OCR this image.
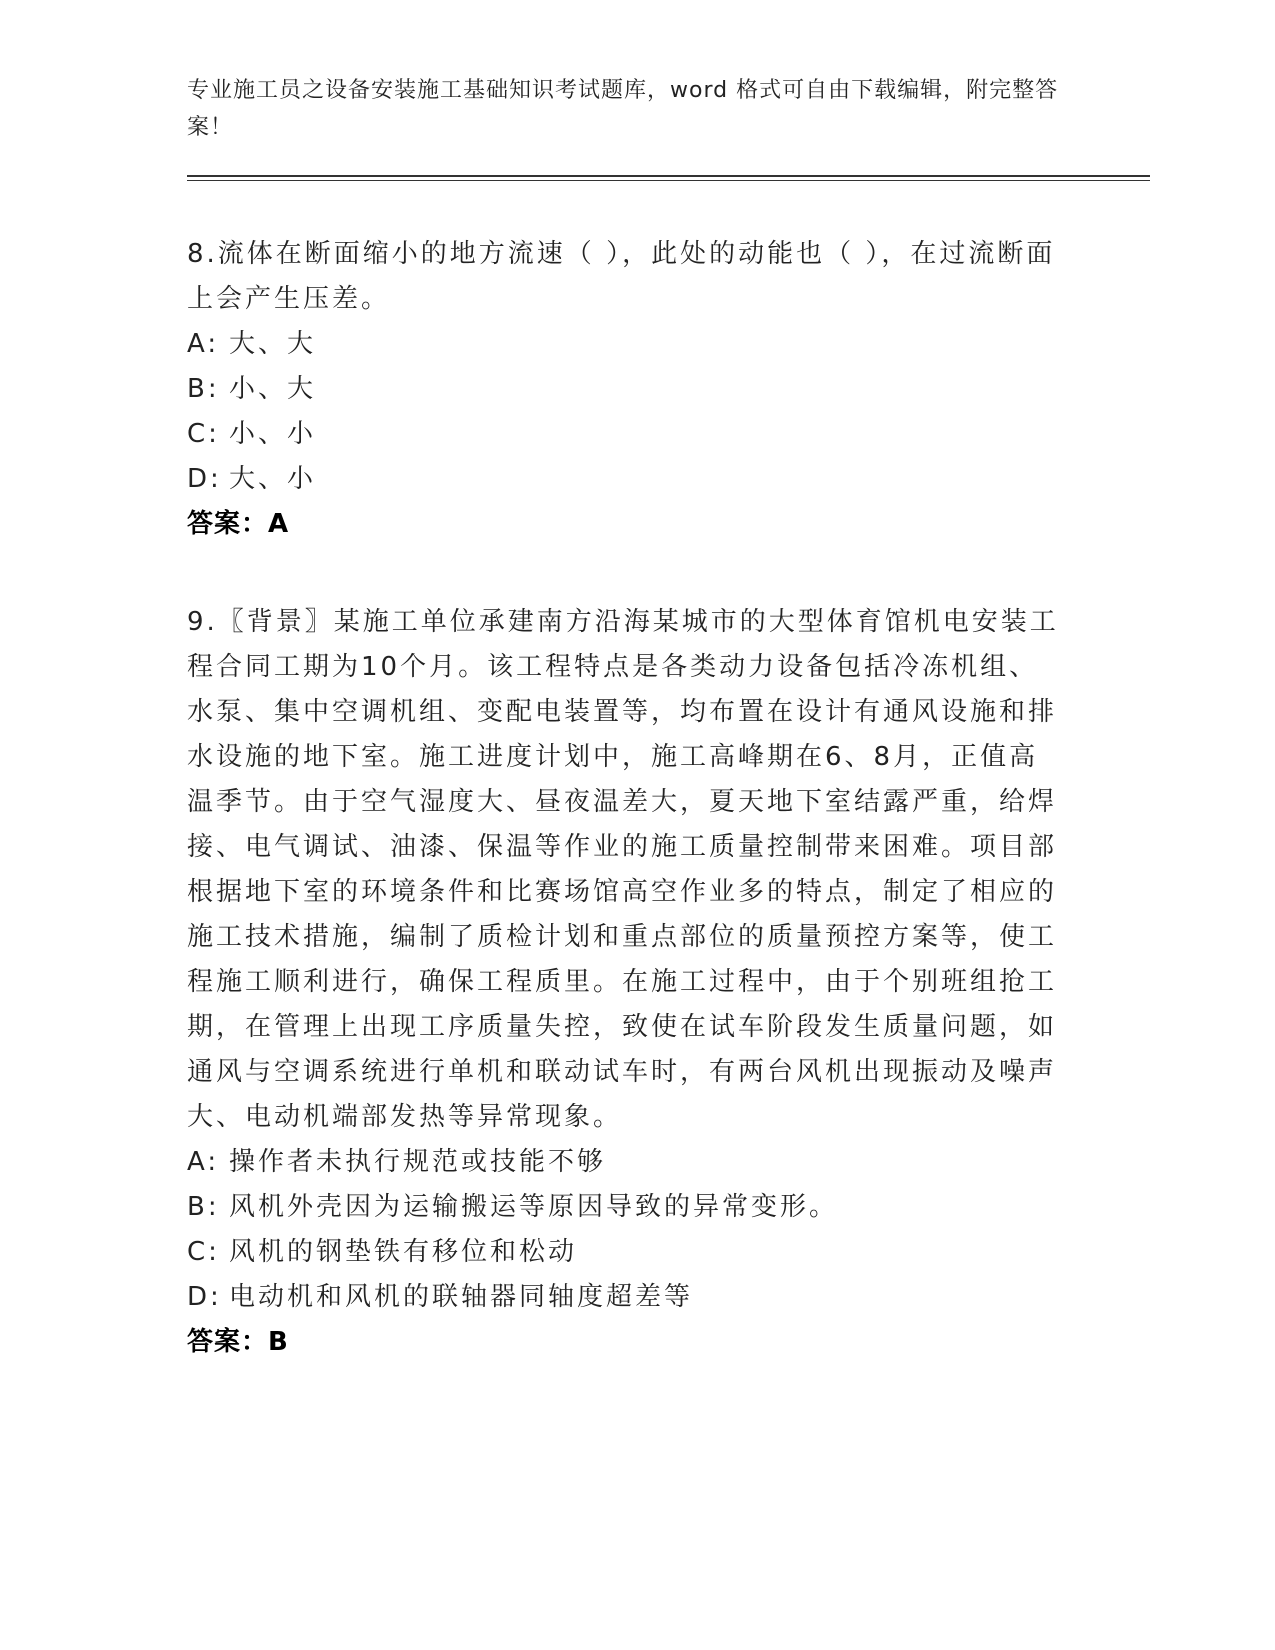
专业施工员之设备安装施工基础知识考试题库，word 格式可自由下载编辑，附完整答案！

8.流体在断面缩小的地方流速（ ），此处的动能也（ ），在过流断面上会产生压差。

A: 大、大

B: 小、大

C: 小、小

D: 大、小

答案：A

9.〖背景〗某施工单位承建南方沿海某城市的大型体育馆机电安装工程合同工期为10个月。该工程特点是各类动力设备包括冷冻机组、水泵、集中空调机组、变配电装置等，均布置在设计有通风设施和排水设施的地下室。施工进度计划中，施工高峰期在6、8月，正值高温季节。由于空气湿度大、昼夜温差大，夏天地下室结露严重，给焊接、电气调试、油漆、保温等作业的施工质量控制带来困难。项目部根据地下室的环境条件和比赛场馆高空作业多的特点，制定了相应的施工技术措施，编制了质检计划和重点部位的质量预控方案等，使工程施工顺利进行，确保工程质里。在施工过程中，由于个别班组抢工期，在管理上出现工序质量失控，致使在试车阶段发生质量问题，如通风与空调系统进行单机和联动试车时，有两台风机出现振动及噪声大、电动机端部发热等异常现象。

A: 操作者未执行规范或技能不够

B: 风机外壳因为运输搬运等原因导致的异常变形。

C: 风机的钢垫铁有移位和松动

D: 电动机和风机的联轴器同轴度超差等

答案：B
